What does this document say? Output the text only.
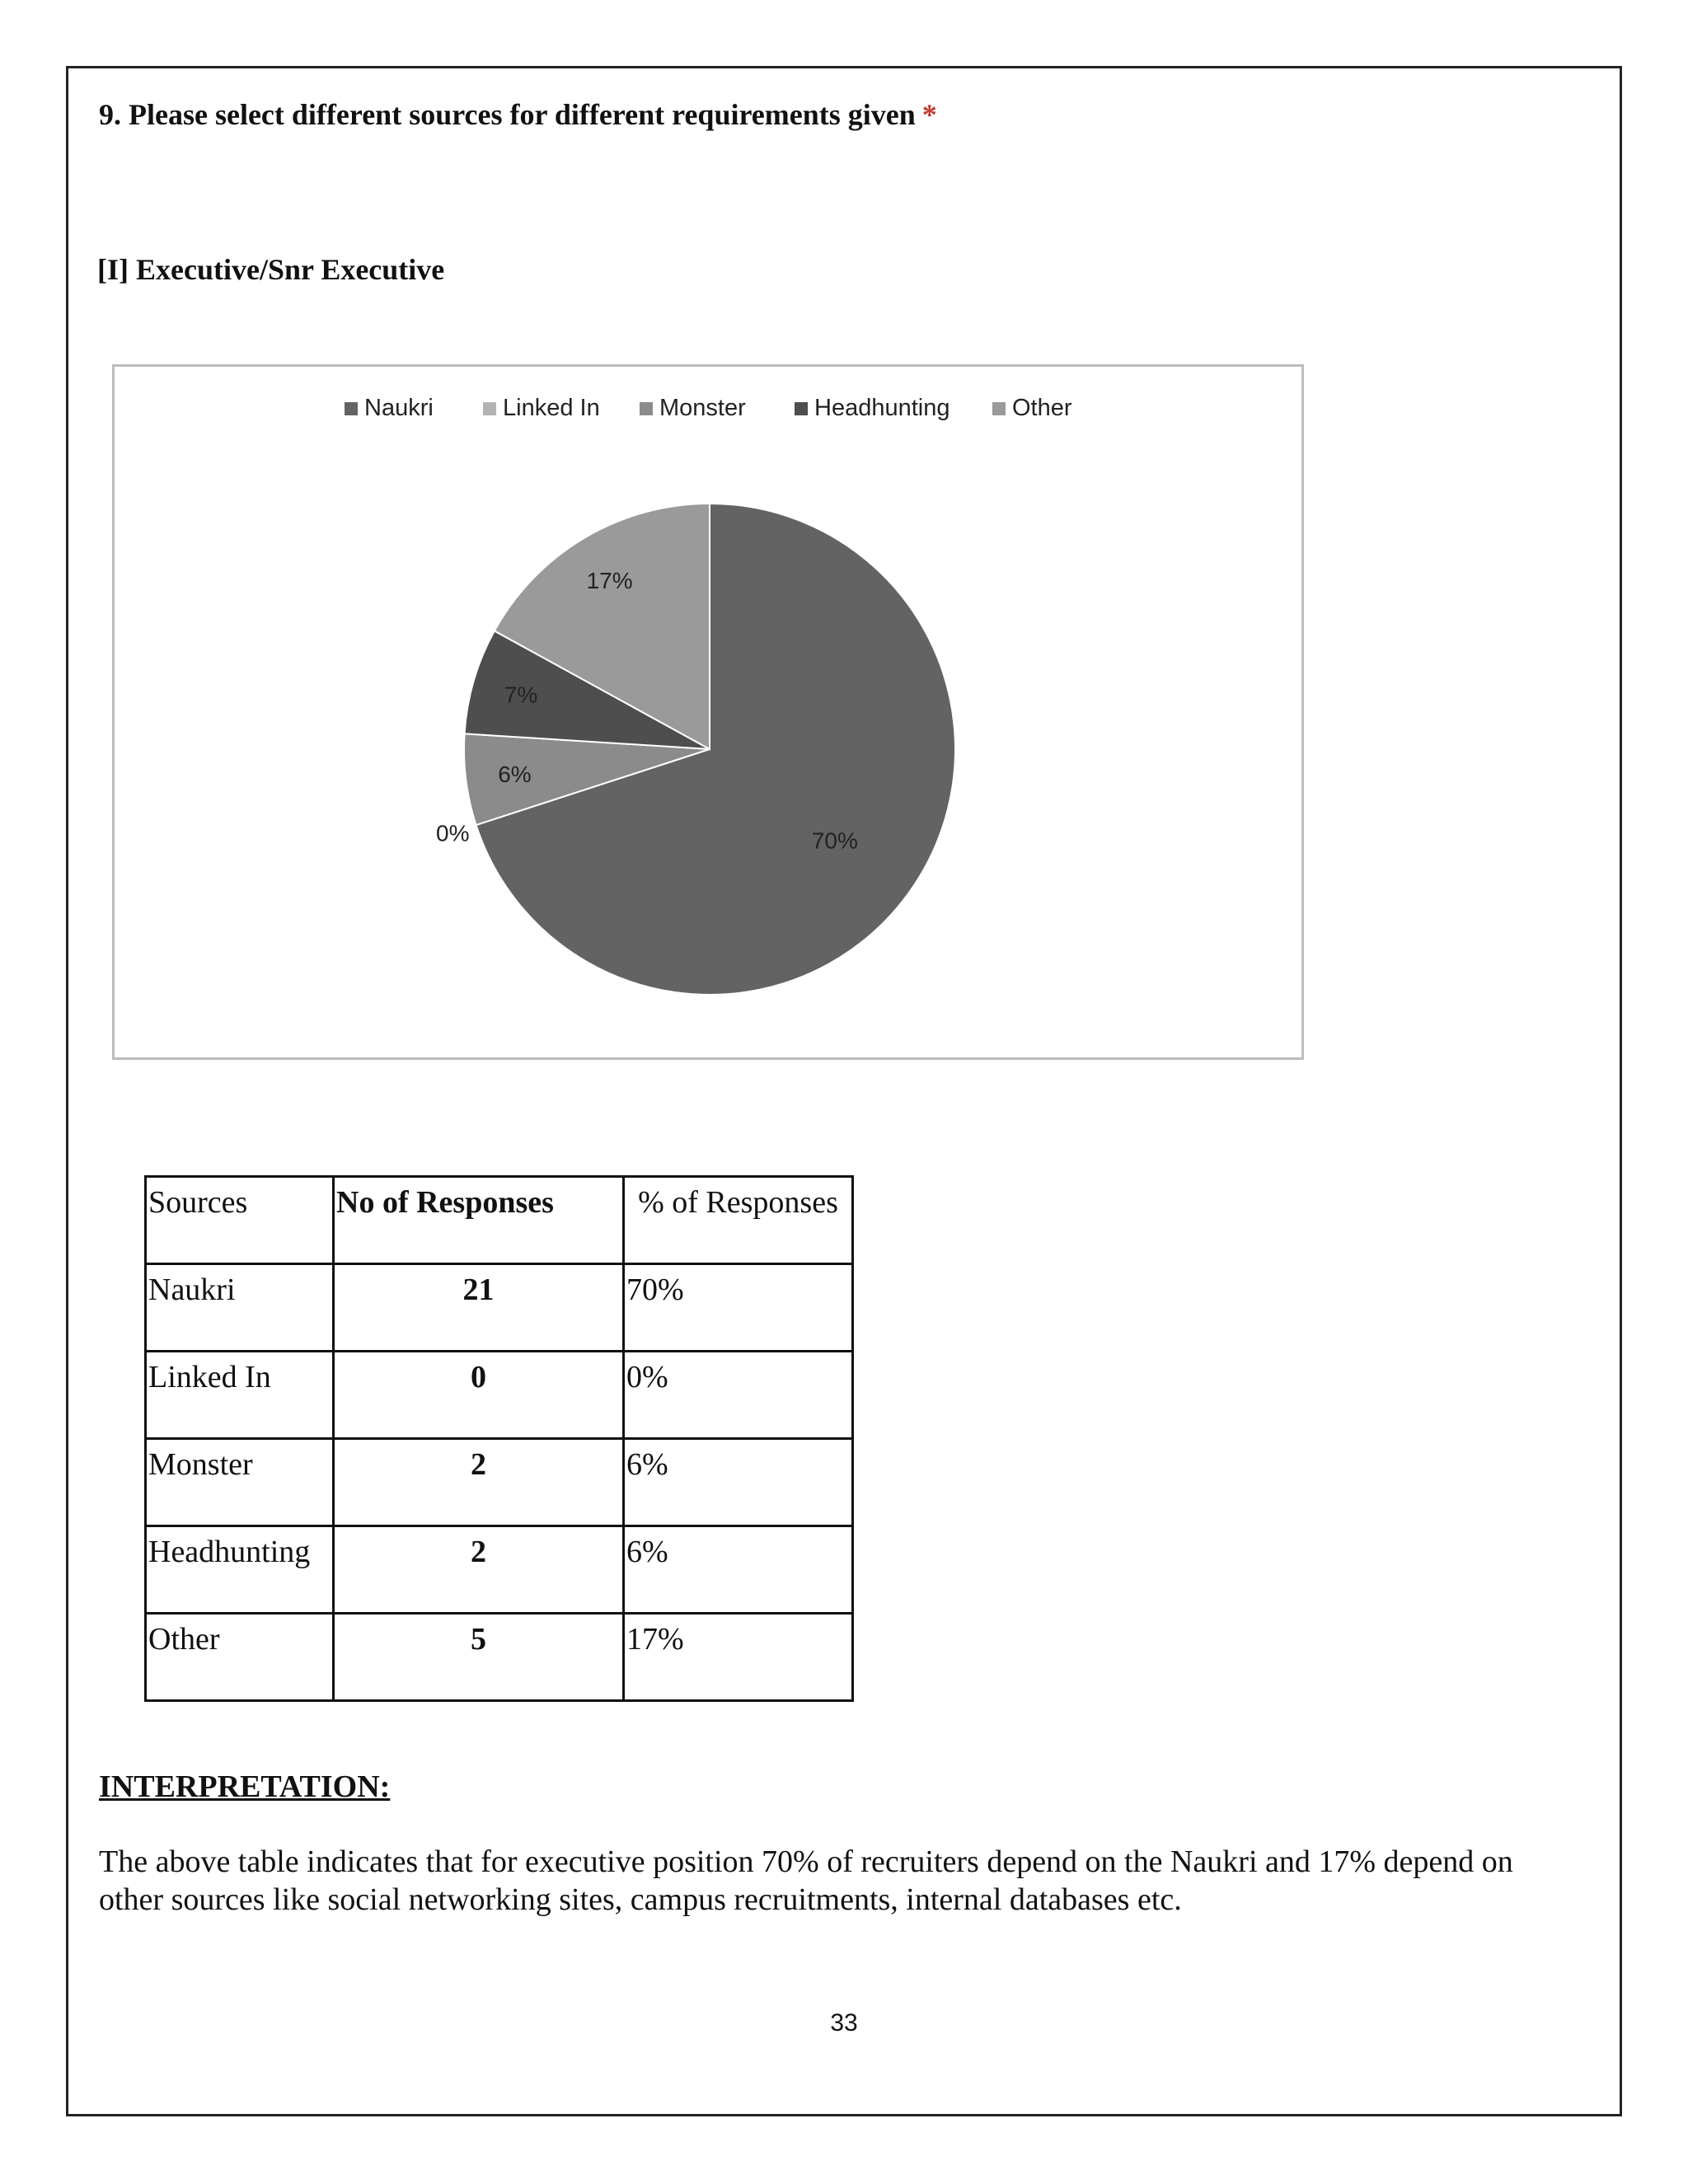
9. Please select different sources for different requirements given *
[I] Executive/Snr Executive
Naukri	Linked In Monster	Headhunting	Other
70%
0%
6%
7%
17%
Sources	No of Responses	% of Responses
Naukri	21	70%
Linked In	0	0%
Monster	2	6%
Headhunting	2	6%
Other	5	17%
INTERPRETATION:
The above table indicates that for executive position 70% of recruiters depend on the Naukri and 17% depend on other sources like social networking sites, campus recruitments, internal databases etc.
33
